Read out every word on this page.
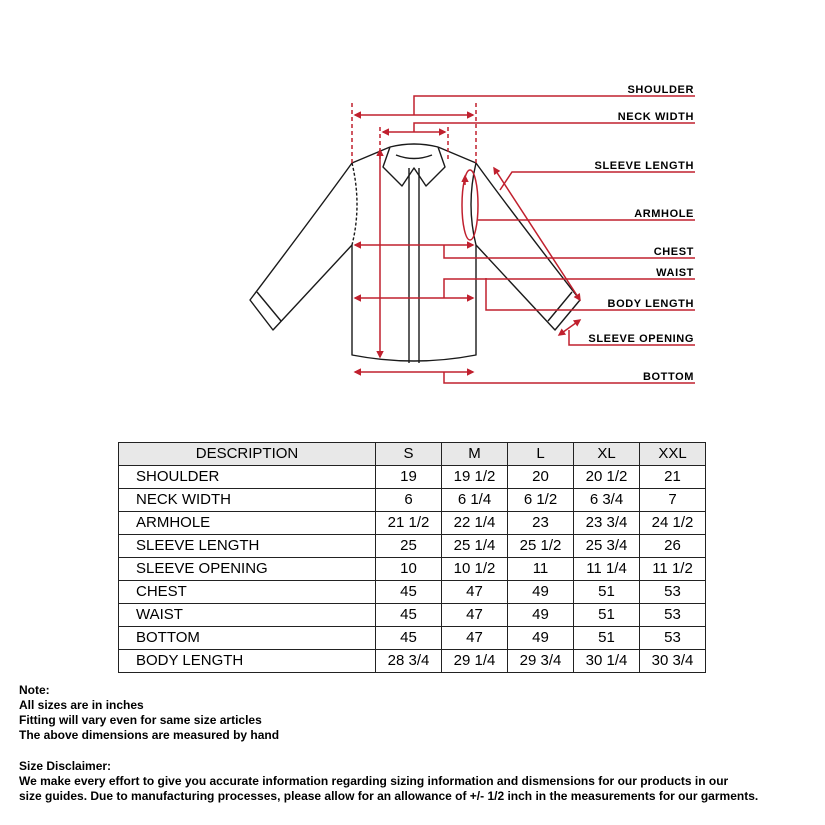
SHOULDER
NECK WIDTH
SLEEVE LENGTH
ARMHOLE
CHEST
WAIST
BODY LENGTH
SLEEVE OPENING
BOTTOM
DESCRIPTION	S	M	L	XL	XXL
SHOULDER	19	19 1/2	20	20 1/2	21
NECK WIDTH	6	6 1/4	6 1/2	6 3/4	7
ARMHOLE	21 1/2	22 1/4	23	23 3/4	24 1/2
SLEEVE LENGTH	25	25 1/4	25 1/2	25 3/4	26
SLEEVE OPENING	10	10 1/2	11	11 1/4	11 1/2
CHEST	45	47	49	51	53
WAIST	45	47	49	51	53
BOTTOM	45	47	49	51	53
BODY LENGTH	28 3/4	29 1/4	29 3/4	30 1/4	30 3/4
Note:
All sizes are in inches
Fitting will vary even for same size articles
The above dimensions are measured by hand
Size Disclaimer:
We make every effort to give you accurate information regarding sizing information and dismensions for our products in our
size guides. Due to manufacturing processes, please allow for an allowance of +/- 1/2 inch in the measurements for our garments.
